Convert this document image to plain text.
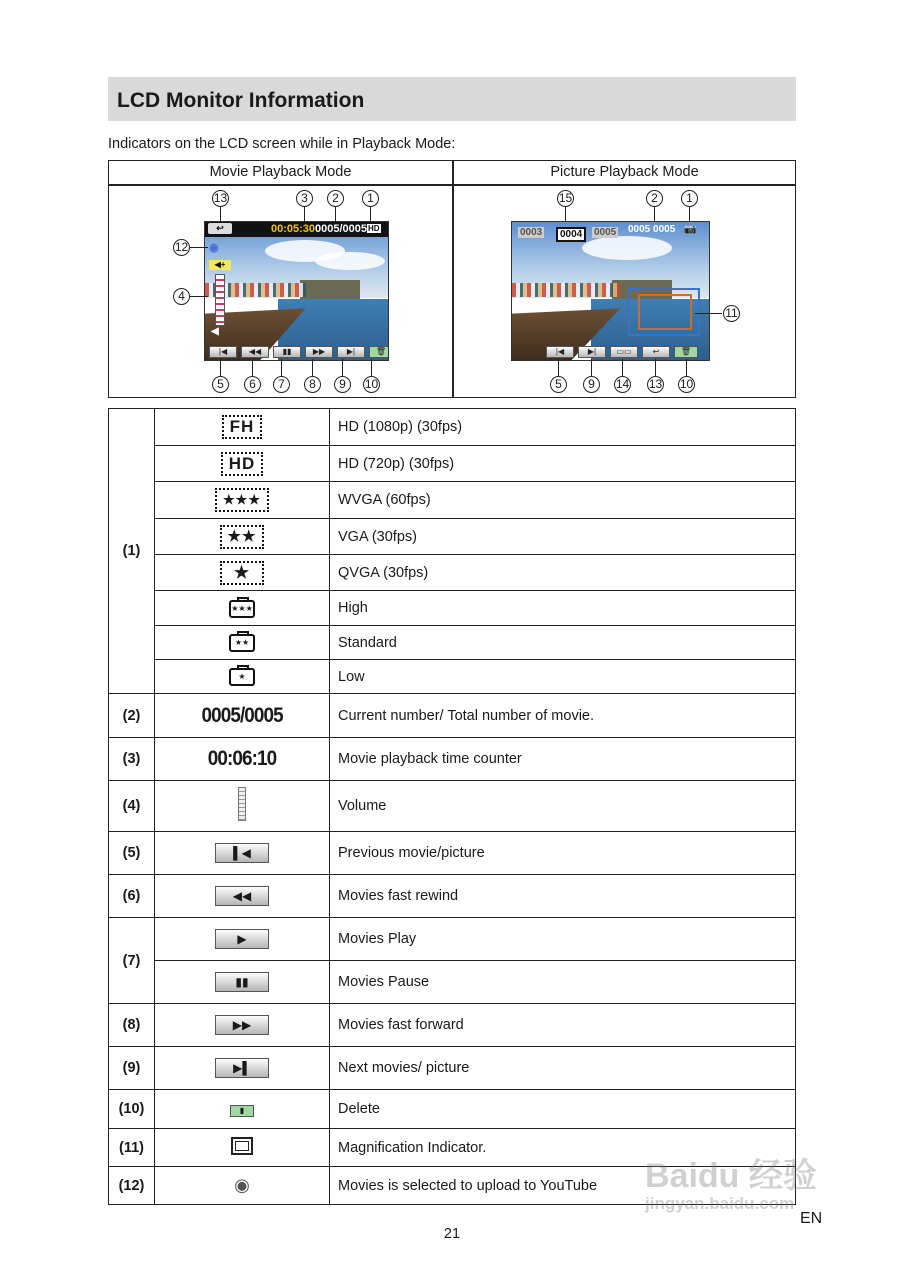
LCD Monitor Information
Indicators on the LCD screen while in Playback Mode:
Movie Playback Mode	Picture Playback Mode
↩	00:05:30 0005/0005 HD
◉
◀+
◀
|◀	◀◀	▮▮	▶▶	▶|	🗑
13	3	2	1
12
4
5	6	7	8	9	10
0003	0004	0005 0005 0005 📷
|◀	▶|	▭▭	↩	🗑
15	2	1
11
5	9	14 13 10
(1)	FH	HD (1080p) (30fps)
	HD	HD (720p) (30fps)
	★★★	WVGA (60fps)
	★★	VGA (30fps)
	★	QVGA (30fps)
	★★★	High
	★★	Standard
	★	Low
(2)	0005/0005	Current number/ Total number of movie.
(3)	00:06:10	Movie playback time counter
(4)		Volume
(5)	▌◀	Previous movie/picture
(6)	◀◀	Movies fast rewind
(7)	▶	Movies Play
	▮▮	Movies Pause
(8)	▶▶	Movies fast forward
(9)	▶▌	Next movies/ picture
(10)	▮	Delete
(11)		Magnification Indicator.
(12)	◉	Movies is selected to upload to YouTube Baidu 经验
jingyan.baidu.com
EN
21
